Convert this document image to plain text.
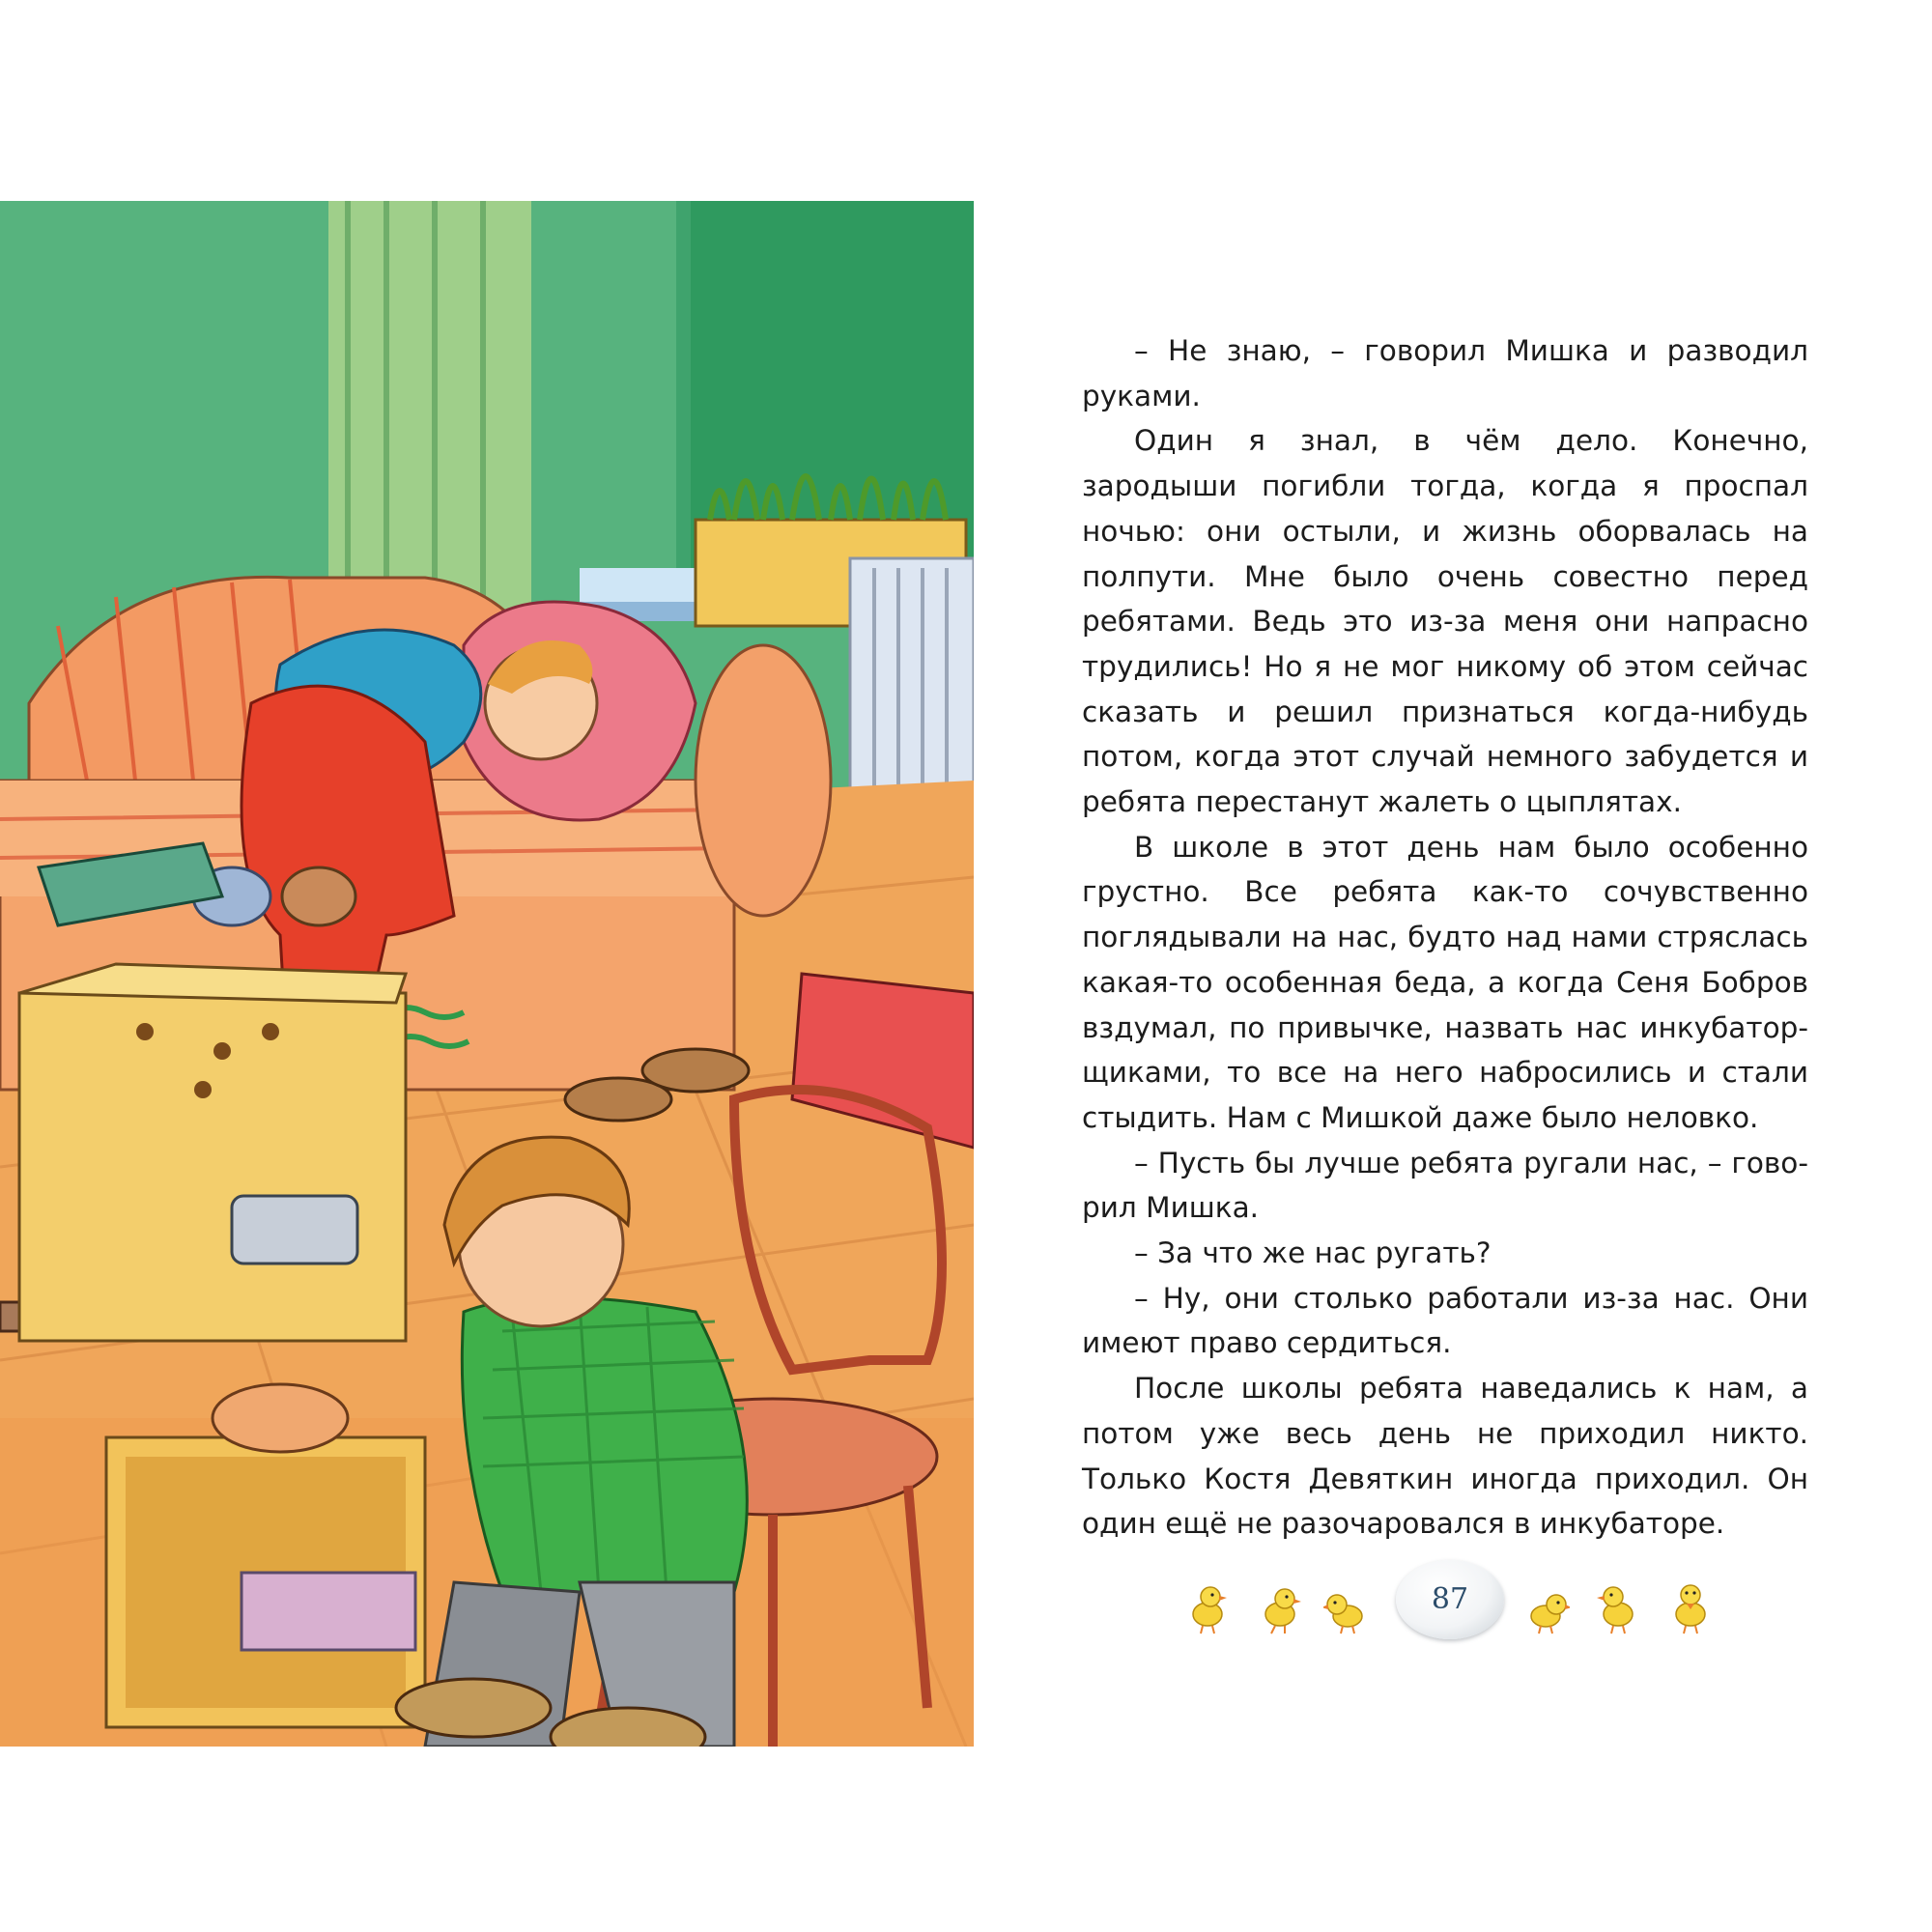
– Не знаю, – говорил Мишка и разводил руками.

Один я знал, в чём дело. Конечно, зародыши погибли тогда, когда я проспал ночью: они остыли, и жизнь оборвалась на полпути. Мне было очень совестно перед ребятами. Ведь это из-за меня они напрасно трудились! Но я не мог никому об этом сейчас сказать и решил признаться когда-нибудь потом, когда этот случай немного забудется и ребята перестанут жалеть о цыплятах.

В школе в этот день нам было особенно грустно. Все ребята как-то сочувственно поглядывали на нас, будто над нами стряслась какая-то особенная беда, а когда Сеня Бобров вздумал, по привычке, назвать нас инкубаторщиками, то все на него набросились и стали стыдить. Нам с Мишкой даже было неловко.

– Пусть бы лучше ребята ругали нас, – говорил Мишка.

– За что же нас ругать?

– Ну, они столько работали из-за нас. Они имеют право сердиться.

После школы ребята наведались к нам, а потом уже весь день не приходил никто. Только Костя Девяткин иногда приходил. Он один ещё не разочаровался в инкубаторе.

87
